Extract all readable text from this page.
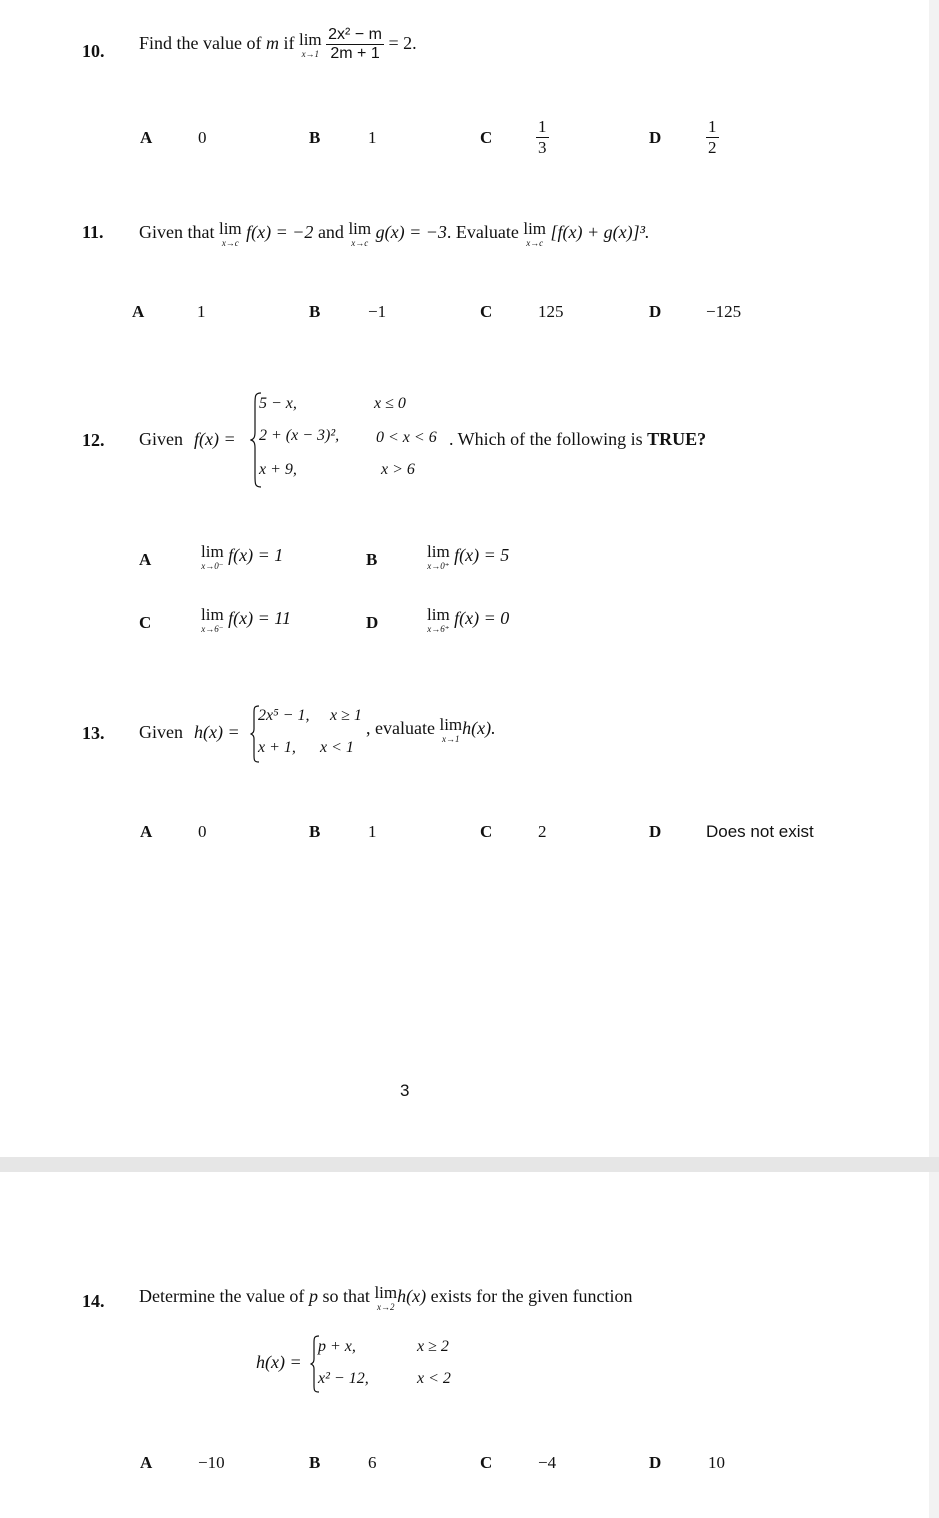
10. Find the value of m if lim
x→1
$\frac{\text{2x² − m}}{2m + 1} = 2$.
A	0	B	1	C	$\frac{1}{3}$	D	$\frac{1}{2}$
11. Given that lim
x→c
f(x) = −2 and lim
x→c
g(x) = −3. Evaluate lim
x→c
[f(x) + g(x)]³.
A	1	B	−1	C	125	D	−125
12. Given f(x) =
5 − x,	x ≤ 0
2 + (x − 3)², 0 < x < 6
x + 9,	x > 6
. Which of the following is TRUE?
A	lim
x→0⁻
f(x) = 1	B	lim
x→0⁺
f(x) = 5
C	lim
x→6⁻
f(x) = 11	D	lim
x→6⁺
f(x) = 0
13. Given h(x) =
2x⁵ − 1, x ≥ 1
x + 1, x < 1
, evaluate lim
x→1
h(x).
A	0	B	1	C	2	D	Does not exist
3
14. Determine the value of p so that lim
x→2
h(x) exists for the given function
h(x) =
p + x,	x ≥ 2
x² − 12,	x < 2
A	−10	B	6	C	−4	D	10
